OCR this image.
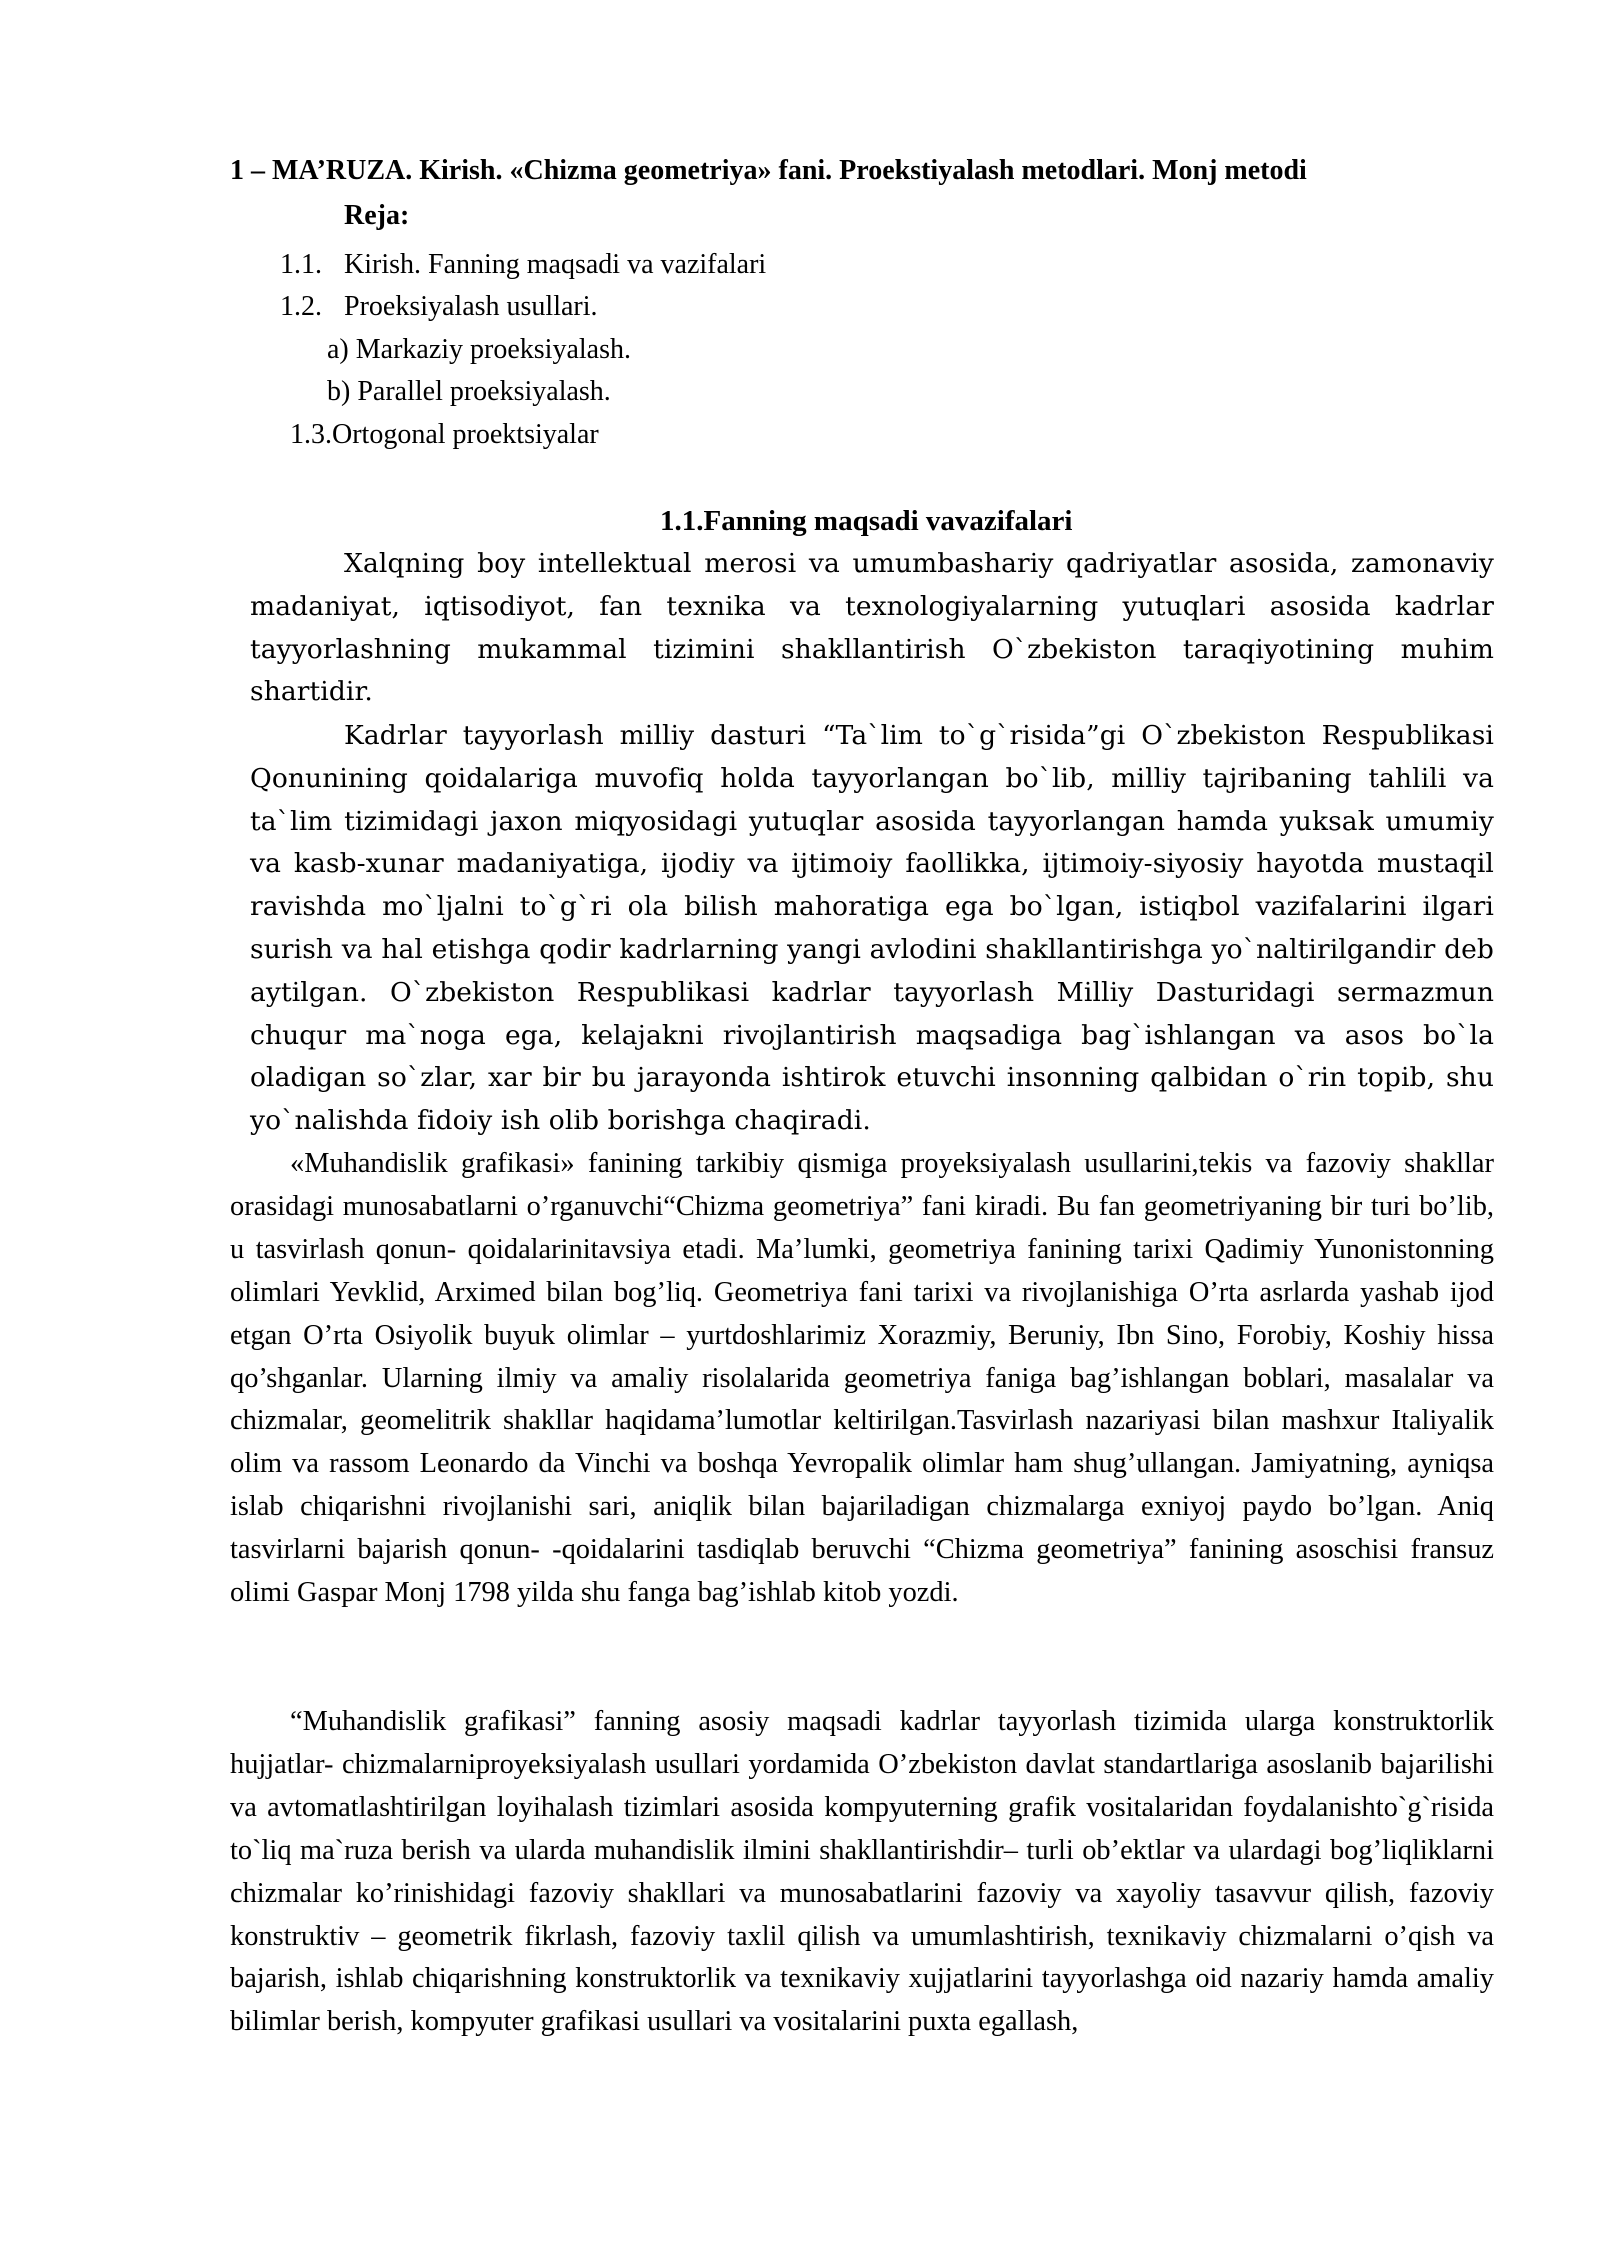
1 – MA’RUZA. Kirish. «Chizma geometriya» fani. Proekstiyalash metodlari. Monj metodi
Reja:
1.1. Kirish. Fanning maqsadi va vazifalari
1.2. Proeksiyalash usullari.
a) Markaziy proeksiyalash.
b) Parallel proeksiyalash.
1.3.Ortogonal proektsiyalar
1.1.Fanning maqsadi vavazifalari

Xalqning boy intellektual merosi va umumbashariy qadriyatlar asosida, zamonaviy madaniyat, iqtisodiyot, fan texnika va texnologiyalarning yutuqlari asosida kadrlar tayyorlashning mukammal tizimini shakllantirish O`zbekiston taraqiyotining muhim shartidir.

Kadrlar tayyorlash milliy dasturi “Ta`lim to`g`risida”gi O`zbekiston Respublikasi Qonunining qoidalariga muvofiq holda tayyorlangan bo`lib, milliy tajribaning tahlili va ta`lim tizimidagi jaxon miqyosidagi yutuqlar asosida tayyorlangan hamda yuksak umumiy va kasb-xunar madaniyatiga, ijodiy va ijtimoiy faollikka, ijtimoiy-siyosiy hayotda mustaqil ravishda mo`ljalni to`g`ri ola bilish mahoratiga ega bo`lgan, istiqbol vazifalarini ilgari surish va hal etishga qodir kadrlarning yangi avlodini shakllantirishga yo`naltirilgandir deb aytilgan. O`zbekiston Respublikasi kadrlar tayyorlash Milliy Dasturidagi sermazmun chuqur ma`noga ega, kelajakni rivojlantirish maqsadiga bag`ishlangan va asos bo`la oladigan so`zlar, xar bir bu jarayonda ishtirok etuvchi insonning qalbidan o`rin topib, shu yo`nalishda fidoiy ish olib borishga chaqiradi.

«Muhandislik grafikasi» fanining tarkibiy qismiga proyeksiyalash usullarini,tekis va fazoviy shakllar orasidagi munosabatlarni o’rganuvchi“Chizma geometriya” fani kiradi. Bu fan geometriyaning bir turi bo’lib, u tasvirlash qonun- qoidalarinitavsiya etadi. Ma’lumki, geometriya fanining tarixi Qadimiy Yunonistonning olimlari Yevklid, Arximed bilan bog’liq. Geometriya fani tarixi va rivojlanishiga O’rta asrlarda yashab ijod etgan O’rta Osiyolik buyuk olimlar – yurtdoshlarimiz Xorazmiy, Beruniy, Ibn Sino, Forobiy, Koshiy hissa qo’shganlar. Ularning ilmiy va amaliy risolalarida geometriya faniga bag’ishlangan boblari, masalalar va chizmalar, geomelitrik shakllar haqidama’lumotlar keltirilgan.Tasvirlash nazariyasi bilan mashxur Italiyalik olim va rassom Leonardo da Vinchi va boshqa Yevropalik olimlar ham shug’ullangan. Jamiyatning, ayniqsa islab chiqarishni rivojlanishi sari, aniqlik bilan bajariladigan chizmalarga exniyoj paydo bo’lgan. Aniq tasvirlarni bajarish qonun- -qoidalarini tasdiqlab beruvchi “Chizma geometriya” fanining asoschisi fransuz olimi Gaspar Monj 1798 yilda shu fanga bag’ishlab kitob yozdi.

“Muhandislik grafikasi” fanning asosiy maqsadi kadrlar tayyorlash tizimida ularga konstruktorlik hujjatlar- chizmalarniproyeksiyalash usullari yordamida O’zbekiston davlat standartlariga asoslanib bajarilishi va avtomatlashtirilgan loyihalash tizimlari asosida kompyuterning grafik vositalaridan foydalanishto`g`risida to`liq ma`ruza berish va ularda muhandislik ilmini shakllantirishdir– turli ob’ektlar va ulardagi bog’liqliklarni chizmalar ko’rinishidagi fazoviy shakllari va munosabatlarini fazoviy va xayoliy tasavvur qilish, fazoviy konstruktiv – geometrik fikrlash, fazoviy taxlil qilish va umumlashtirish, texnikaviy chizmalarni o’qish va bajarish, ishlab chiqarishning konstruktorlik va texnikaviy xujjatlarini tayyorlashga oid nazariy hamda amaliy bilimlar berish, kompyuter grafikasi usullari va vositalarini puxta egallash,
